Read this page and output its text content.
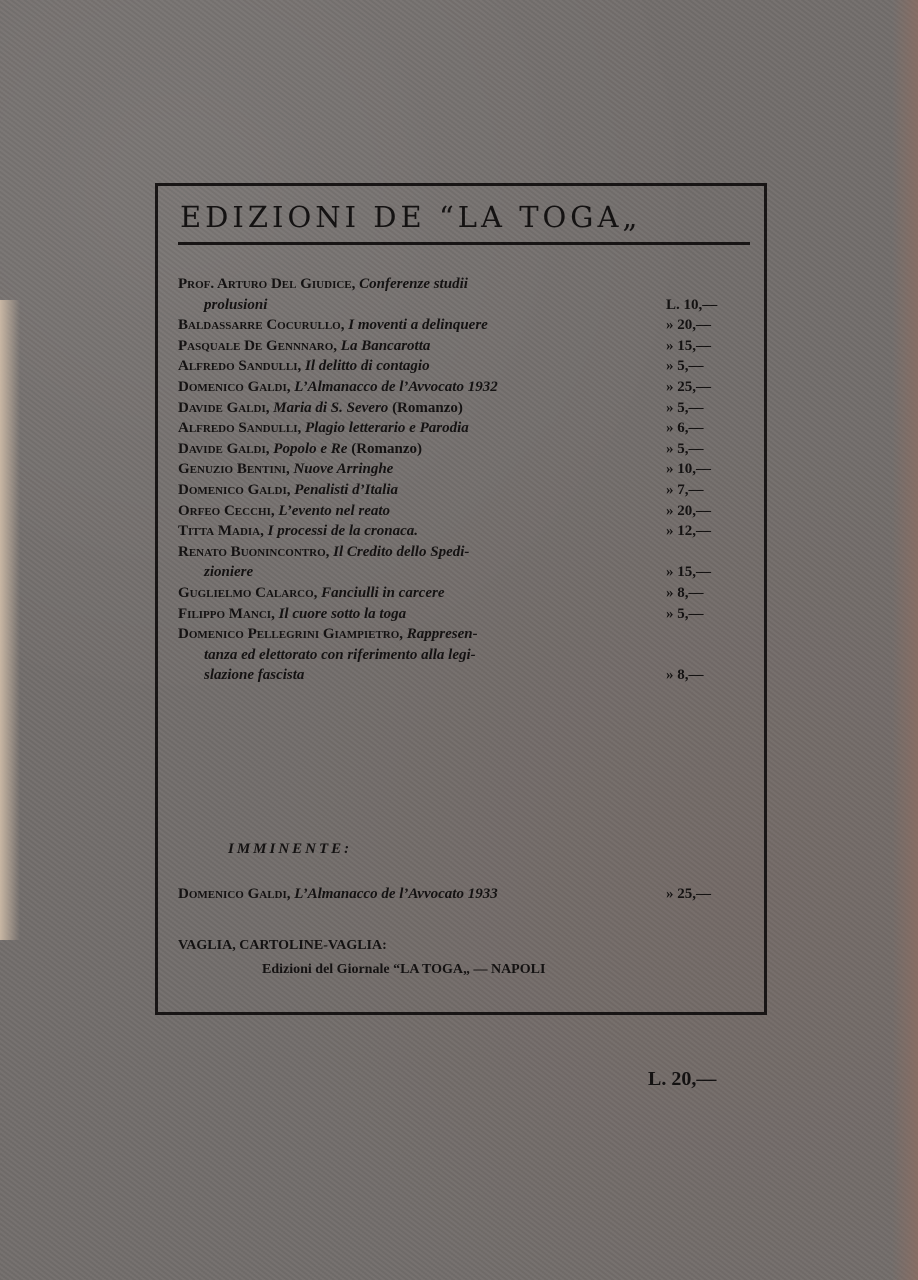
EDIZIONI DE “LA TOGA„
Prof. Arturo Del Giudice, Conferenze studii
prolusioni	L. 10,—
Baldassarre Cocurullo, I moventi a delinquere	» 20,—
Pasquale De Gennnaro, La Bancarotta	» 15,—
Alfredo Sandulli, Il delitto di contagio	» 5,—
Domenico Galdi, L’Almanacco de l’Avvocato 1932	» 25,—
Davide Galdi, Maria di S. Severo (Romanzo)	» 5,—
Alfredo Sandulli, Plagio letterario e Parodia	» 6,—
Davide Galdi, Popolo e Re (Romanzo)	» 5,—
Genuzio Bentini, Nuove Arringhe	» 10,—
Domenico Galdi, Penalisti d’Italia	» 7,—
Orfeo Cecchi, L’evento nel reato	» 20,—
Titta Madia, I processi de la cronaca.	» 12,—
Renato Buonincontro, Il Credito dello Spedi-
zioniere	» 15,—
Guglielmo Calarco, Fanciulli in carcere	» 8,—
Filippo Manci, Il cuore sotto la toga	» 5,—
Domenico Pellegrini Giampietro, Rappresen-
tanza ed elettorato con riferimento alla legi-
slazione fascista	» 8,—
IMMINENTE:
Domenico Galdi, L’Almanacco de l’Avvocato 1933	» 25,—
VAGLIA, CARTOLINE-VAGLIA:
Edizioni del Giornale “LA TOGA„ — NAPOLI
L. 20,—
